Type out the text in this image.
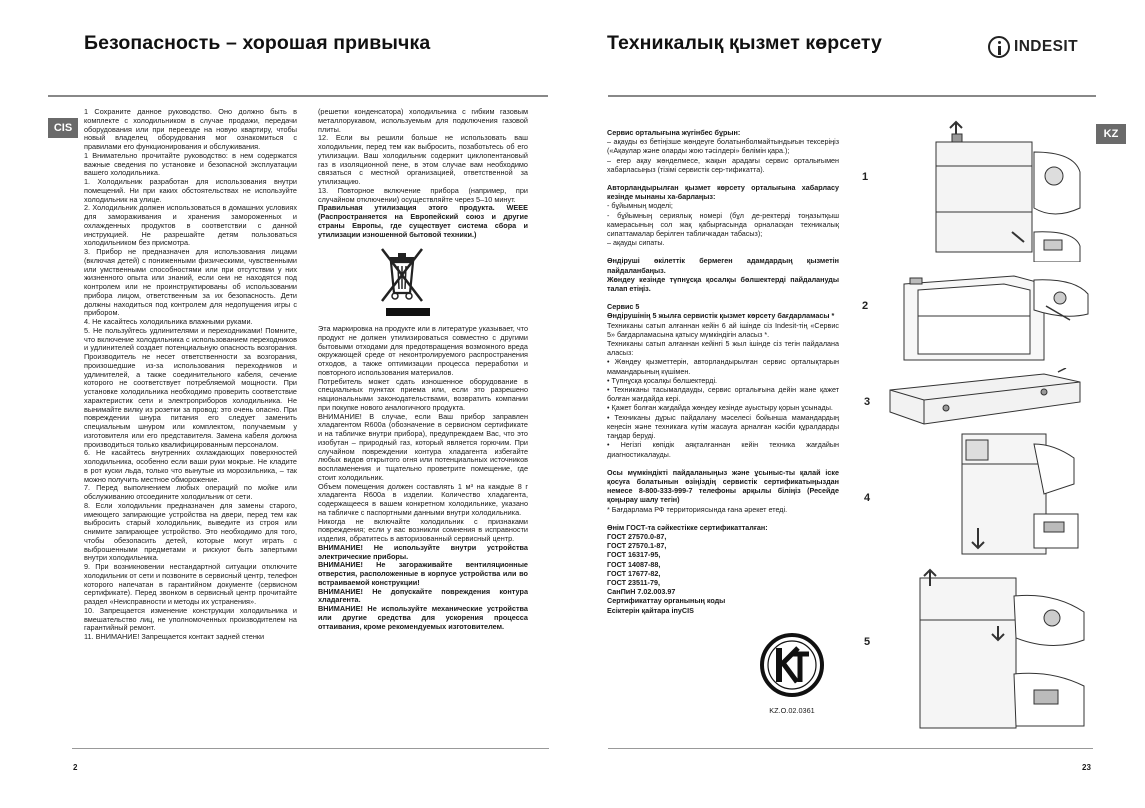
Безопасность – хорошая привычка	Техникалық қызмет көрсету	INDESIT
CIS	KZ

1 Сохраните данное руководство. Оно должно быть в комплекте с холодильником в случае продажи, передачи оборудования или при переезде на новую квартиру, чтобы новый владелец оборудования мог ознакомиться с правилами его функционирования и обслуживания.

1 Внимательно прочитайте руководство: в нем содержатся важные сведения по установке и безопасной эксплуатации вашего холодильника.

1. Холодильник разработан для использования внутри помещений. Ни при каких обстоятельствах не используйте холодильник на улице.

2. Холодильник должен использоваться в домашних условиях для замораживания и хранения замороженных и охлажденных продуктов в соответствии с данной инструкцией. Не разрешайте детям пользоваться холодильником без присмотра.

3. Прибор не предназначен для использования лицами (включая детей) с пониженными физическими, чувственными или умственными способностями или при отсутствии у них жизненного опыта или знаний, если они не находятся под контролем или не проинструктированы об использовании прибора лицом, ответственным за их безопасность. Дети должны находиться под контролем для недопущения игры с прибором.

4. Не касайтесь холодильника влажными руками.

5. Не пользуйтесь удлинителями и переходниками! Помните, что включение холодильника с использованием переходников и удлинителей создает потенциальную опасность возгорания. Производитель не несет ответственности за возгорания, произошедшие из-за использования переходников и удлинителей, а также соединительного кабеля, сечение которого не соответствует потребляемой мощности. При установке холодильника необходимо проверить соответствие характеристик сети и электроприборов холодильника. Не вынимайте вилку из розетки за провод: это очень опасно. При повреждении шнура питания его следует заменить специальным шнуром или комплектом, получаемым у изготовителя или его представителя. Замена кабеля должна производиться только квалифицированным персоналом.

6. Не касайтесь внутренних охлаждающих поверхностей холодильника, особенно если ваши руки мокрые. Не кладите в рот куски льда, только что вынутые из морозильника, – так можно получить местное обморожение.

7. Перед выполнением любых операций по мойке или обслуживанию отсоедините холодильник от сети.

8. Если холодильник предназначен для замены старого, имеющего запирающие устройства на двери, перед тем как выбросить старый холодильник, выведите из строя или снимите запирающее устройство. Это необходимо для того, чтобы обезопасить детей, которые могут играть с выброшенными предметами и рискуют быть запертыми внутри холодильника.

9. При возникновении нестандартной ситуации отключите холодильник от сети и позвоните в сервисный центр, телефон которого напечатан в гарантийном документе (сервисном сертификате). Перед звонком в сервисный центр прочитайте раздел «Неисправности и методы их устранения».

10. Запрещается изменение конструкции холодильника и вмешательство лиц, не уполномоченных производителем на гарантийный ремонт.

11. ВНИМАНИЕ! Запрещается контакт задней стенки

(решетки конденсатора) холодильника с гибким газовым металлорукавом, используемым для подключения газовой плиты.

12. Если вы решили больше не использовать ваш холодильник, перед тем как выбросить, позаботьтесь об его утилизации. Ваш холодильник содержит циклопентановый газ в изоляционной пене, в этом случае вам необходимо связаться с местной организацией, ответственной за утилизацию.

13. Повторное включение прибора (например, при случайном отключении) осуществляйте через 5–10 минут.

Правильная утилизация этого продукта. WEEE (Распространяется на Европейский союз и другие страны Европы, где существует система сбора и утилизации изношенной бытовой техники.)

Эта маркировка на продукте или в литературе указывает, что продукт не должен утилизироваться совместно с другими бытовыми отходами для предотвращения возможного вреда окружающей среде от неконтролируемого распространения отходов, а также оптимизации процесса переработки и повторного использования материалов.

Потребитель может сдать изношенное оборудование в специальных пунктах приема или, если это разрешено национальными законодательствами, возвратить компании при покупке нового аналогичного продукта.

ВНИМАНИЕ! В случае, если Ваш прибор заправлен хладагентом R600a (обозначение в сервисном сертификате и на табличке внутри прибора), предупреждаем Вас, что это изобутан – природный газ, который является горючим. При случайном повреждении контура хладагента избегайте любых видов открытого огня или потенциальных источников воспламенения и тщательно проветрите помещение, где стоит холодильник.

Объем помещения должен составлять 1 м³ на каждые 8 г хладагента R600a в изделии. Количество хладагента, содержащееся в вашем конкретном холодильнике, указано на табличке с паспортными данными внутри холодильника.

Никогда не включайте холодильник с признаками повреждения; если у вас возникли сомнения в исправности изделия, обратитесь в авторизованный сервисный центр.

ВНИМАНИЕ! Не используйте внутри устройства электрические приборы.

ВНИМАНИЕ! Не загораживайте вентиляционные отверстия, расположенные в корпусе устройства или во встраиваемой конструкции!

ВНИМАНИЕ! Не допускайте повреждения контура хладагента.

ВНИМАНИЕ! Не используйте механические устройства или другие средства для ускорения процесса оттаивания, кроме рекомендуемых изготовителем.

Сервис орталығына жүгінбес бұрын:

– ақауды өз бетіңізше жөндеуге болатынболмайтындығын тексеріңіз («Ақаулар және оларды жою тәсілдері» бөлімін қара.);

– егер ақау жөнделмесе, жақын арадағы сервис орталығымен хабарласыңыз (тізімі сервистік сер-тификатта).

Авторландырылған қызмет көрсету орталығына хабарласу кезінде мынаны ха-барлаңыз:

- бұйымның моделі;

- бұйымның сериялық номері (бұл де-ректерді тоңазытқыш камерасының сол жақ қабырғасында орналасқан техникалық сипаттамалар берілген табличкадан табасыз);

– ақауды сипаты.

Өндіруші өкілеттік бермеген адамдардың қызметін пайдаланбаңыз.

Жөндеу кезінде түпнұсқа қосалқы бөлшектерді пайдалануды талап етіңіз.

Сервис 5

Өндірушінің 5 жылға сервистік қызмет көрсету бағдарламасы *

Техниканы сатып алғаннан кейін 6 ай ішінде сіз Indesit-тің «Сервис 5» бағдарламасына қатысу мүмкіндігін аласыз *.

Техниканы сатып алғаннан кейінгі 5 жыл ішінде сіз тегін пайдалана аласыз:

• Жөндеу қызметтерін, авторландырылған сервис орталықтарын мамандарының күшімен.

• Түпнұсқа қосалқы бөлшектерді.

• Техниканы тасымалдауды, сервис орталығына дейін жане қажет болған жағдайда кері.

• Қажет болған жағдайда жөндеу кезінде ауыстыру қорын ұсынады.

• Техниканы дұрыс пайдалану мәселесі бойынша мамандардың кеңесін және техникаға күтім жасауға арналған кәсіби құралдарды таңдар беруді.

• Негізгі көпідік аяқталғаннан кейін техника жағдайын диагностикалауды.

Осы мүмкіндікті пайдаланыңыз және ұсыныс-ты қалай іске қосуға болатынын өзіңіздің сервистік сертификатыңыздан немесе 8-800-333-999-7 телефоны арқылы біліңіз (Ресейде қоңырау шалу тегін)

* Бағдарлама РФ территориясында ғана әрекет етеді.

Өнім ГОСТ-та сәйкестікке сертификатталған:

ГОСТ 27570.0-87,

ГОСТ 27570.1-87,

ГОСТ 16317-95,

ГОСТ 14087-88,

ГОСТ 17677-82,

ГОСТ 23511-79,

СанПиН 7.02.003.97

Сертификаттау органының коды

Есіктерін қайтара іпуCIS

KZ.O.02.0361
1
2
3
4
5
2	23
